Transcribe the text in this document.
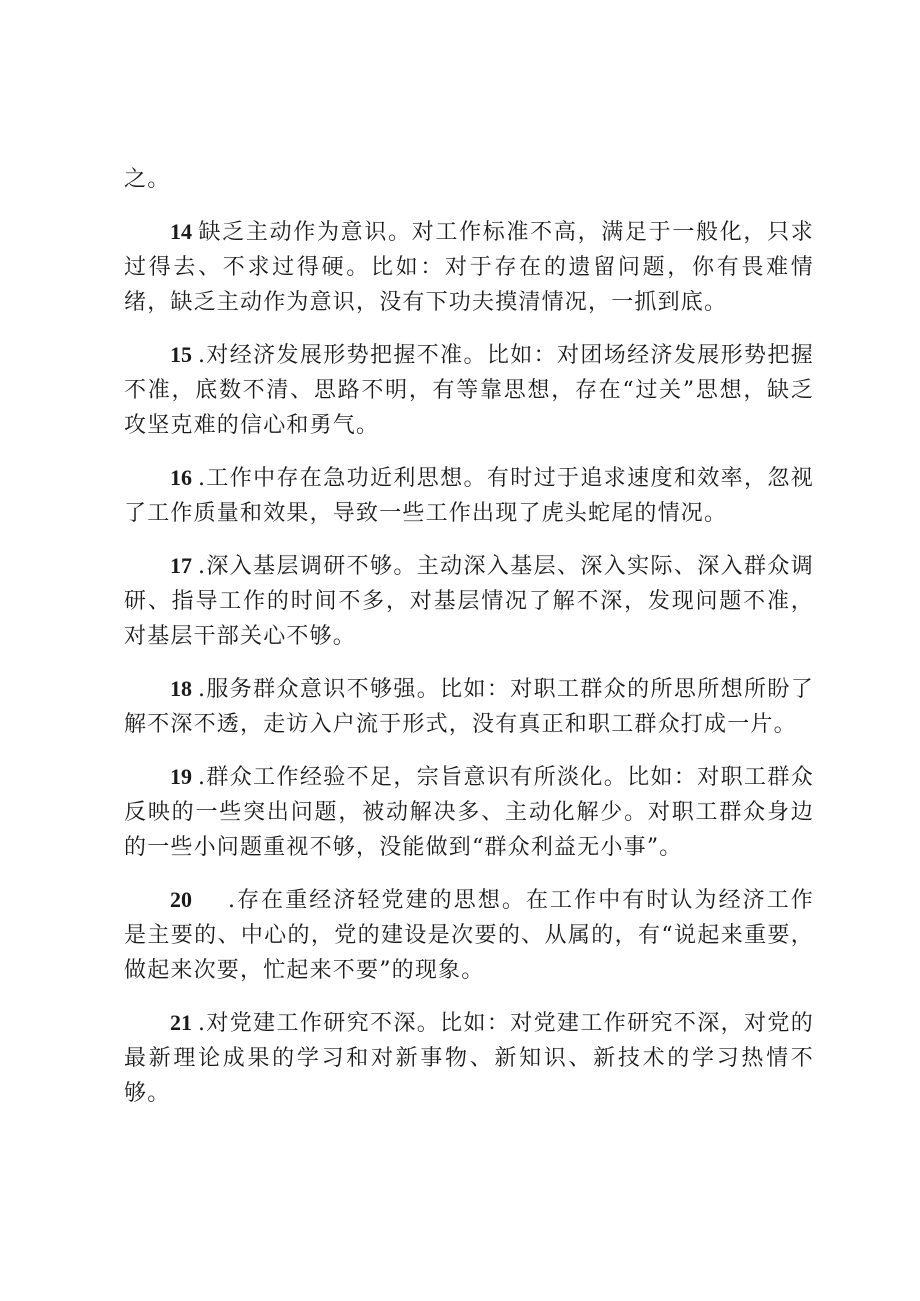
之。

14 缺乏主动作为意识。对工作标准不高，满足于一般化，只求过得去、不求过得硬。比如：对于存在的遗留问题，你有畏难情绪，缺乏主动作为意识，没有下功夫摸清情况，一抓到底。

15 .对经济发展形势把握不准。比如：对团场经济发展形势把握不准，底数不清、思路不明，有等靠思想，存在“过关”思想，缺乏攻坚克难的信心和勇气。

16 .工作中存在急功近利思想。有时过于追求速度和效率，忽视了工作质量和效果，导致一些工作出现了虎头蛇尾的情况。

17 .深入基层调研不够。主动深入基层、深入实际、深入群众调研、指导工作的时间不多，对基层情况了解不深，发现问题不准，对基层干部关心不够。

18 .服务群众意识不够强。比如：对职工群众的所思所想所盼了解不深不透，走访入户流于形式，没有真正和职工群众打成一片。

19 .群众工作经验不足，宗旨意识有所淡化。比如：对职工群众反映的一些突出问题，被动解决多、主动化解少。对职工群众身边的一些小问题重视不够，没能做到“群众利益无小事”。

20 .存在重经济轻党建的思想。在工作中有时认为经济工作是主要的、中心的，党的建设是次要的、从属的，有“说起来重要，做起来次要，忙起来不要”的现象。

21 .对党建工作研究不深。比如：对党建工作研究不深，对党的最新理论成果的学习和对新事物、新知识、新技术的学习热情不够。
